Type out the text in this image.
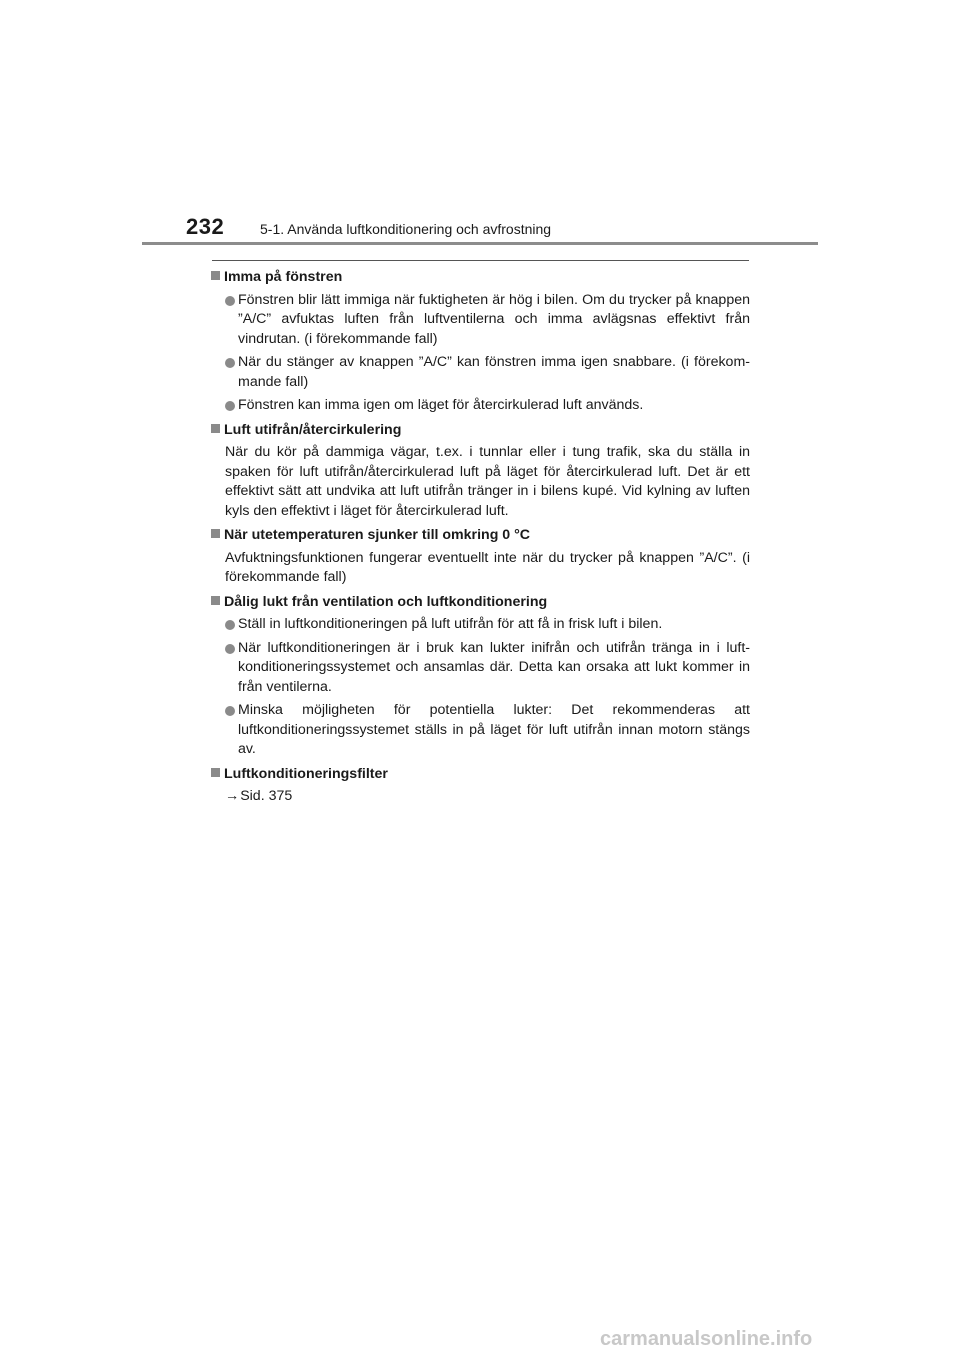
232	5-1. Använda luftkonditionering och avfrostning
Imma på fönstren
Fönstren blir lätt immiga när fuktigheten är hög i bilen. Om du trycker på knappen ”A/C” avfuktas luften från luftventilerna och imma avlägsnas effektivt från vindrutan. (i förekommande fall)
När du stänger av knappen ”A/C” kan fönstren imma igen snabbare. (i förekom-mande fall)
Fönstren kan imma igen om läget för återcirkulerad luft används.
Luft utifrån/återcirkulering
När du kör på dammiga vägar, t.ex. i tunnlar eller i tung trafik, ska du ställa in spaken för luft utifrån/återcirkulerad luft på läget för återcirkulerad luft. Det är ett effektivt sätt att undvika att luft utifrån tränger in i bilens kupé. Vid kylning av luften kyls den effektivt i läget för återcirkulerad luft.
När utetemperaturen sjunker till omkring 0 °C
Avfuktningsfunktionen fungerar eventuellt inte när du trycker på knappen ”A/C”. (i förekommande fall)
Dålig lukt från ventilation och luftkonditionering
Ställ in luftkonditioneringen på luft utifrån för att få in frisk luft i bilen.
När luftkonditioneringen är i bruk kan lukter inifrån och utifrån tränga in i luft-konditioneringssystemet och ansamlas där. Detta kan orsaka att lukt kommer in från ventilerna.
Minska möjligheten för potentiella lukter: Det rekommenderas att luftkonditioneringssystemet ställs in på läget för luft utifrån innan motorn stängs av.
Luftkonditioneringsfilter
→Sid. 375
carmanualsonline.info
